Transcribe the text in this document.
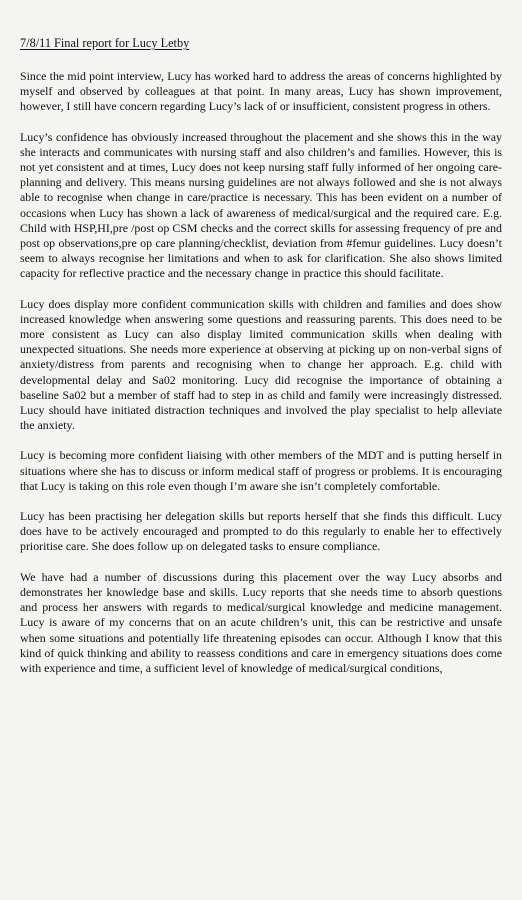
7/8/11 Final report for Lucy Letby

Since the mid point interview, Lucy has worked hard to address the areas of concerns highlighted by myself and observed by colleagues at that point. In many areas, Lucy has shown improvement, however, I still have concern regarding Lucy’s lack of or insufficient, consistent progress in others.

Lucy’s confidence has obviously increased throughout the placement and she shows this in the way she interacts and communicates with nursing staff and also children’s and families. However, this is not yet consistent and at times, Lucy does not keep nursing staff fully informed of her ongoing care-planning and delivery. This means nursing guidelines are not always followed and she is not always able to recognise when change in care/practice is necessary. This has been evident on a number of occasions when Lucy has shown a lack of awareness of medical/surgical and the required care. E.g. Child with HSP,HI,pre /post op CSM checks and the correct skills for assessing frequency of pre and post op observations,pre op care planning/checklist, deviation from #femur guidelines. Lucy doesn’t seem to always recognise her limitations and when to ask for clarification. She also shows limited capacity for reflective practice and the necessary change in practice this should facilitate.

Lucy does display more confident communication skills with children and families and does show increased knowledge when answering some questions and reassuring parents. This does need to be more consistent as Lucy can also display limited communication skills when dealing with unexpected situations. She needs more experience at observing at picking up on non-verbal signs of anxiety/distress from parents and recognising when to change her approach. E.g. child with developmental delay and Sa02 monitoring. Lucy did recognise the importance of obtaining a baseline Sa02 but a member of staff had to step in as child and family were increasingly distressed. Lucy should have initiated distraction techniques and involved the play specialist to help alleviate the anxiety.

Lucy is becoming more confident liaising with other members of the MDT and is putting herself in situations where she has to discuss or inform medical staff of progress or problems. It is encouraging that Lucy is taking on this role even though I’m aware she isn’t completely comfortable.

Lucy has been practising her delegation skills but reports herself that she finds this difficult. Lucy does have to be actively encouraged and prompted to do this regularly to enable her to effectively prioritise care. She does follow up on delegated tasks to ensure compliance.

We have had a number of discussions during this placement over the way Lucy absorbs and demonstrates her knowledge base and skills. Lucy reports that she needs time to absorb questions and process her answers with regards to medical/surgical knowledge and medicine management. Lucy is aware of my concerns that on an acute children’s unit, this can be restrictive and unsafe when some situations and potentially life threatening episodes can occur. Although I know that this kind of quick thinking and ability to reassess conditions and care in emergency situations does come with experience and time, a sufficient level of knowledge of medical/surgical conditions,
